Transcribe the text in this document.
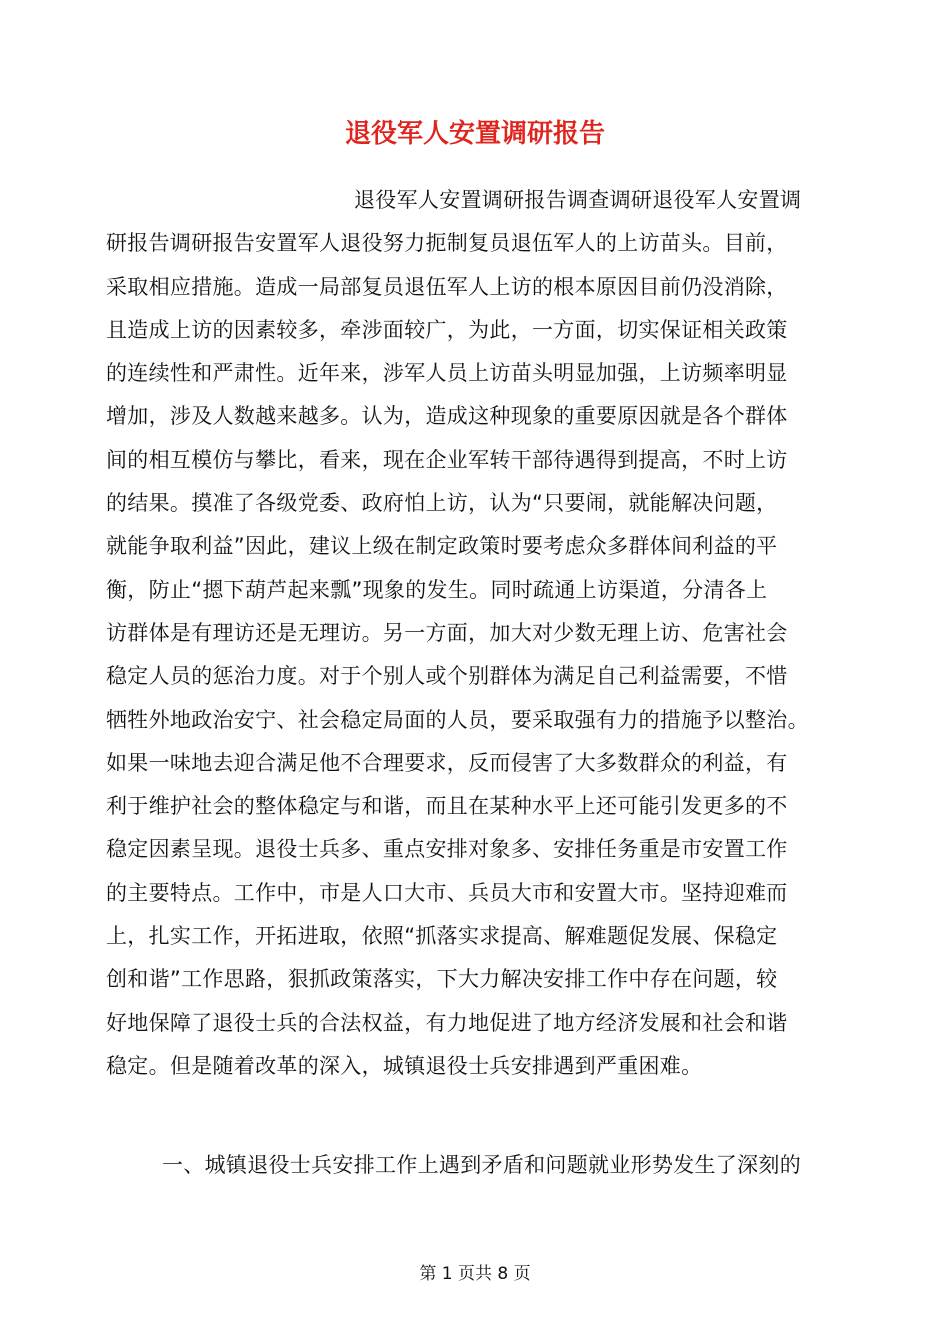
退役军人安置调研报告
退役军人安置调研报告调查调研退役军人安置调
研报告调研报告安置军人退役努力扼制复员退伍军人的上访苗头。目前，
采取相应措施。造成一局部复员退伍军人上访的根本原因目前仍没消除，
且造成上访的因素较多，牵涉面较广，为此，一方面，切实保证相关政策
的连续性和严肃性。近年来，涉军人员上访苗头明显加强，上访频率明显
增加，涉及人数越来越多。认为，造成这种现象的重要原因就是各个群体
间的相互模仿与攀比，看来，现在企业军转干部待遇得到提高，不时上访
的结果。摸准了各级党委、政府怕上访，认为“只要闹，就能解决问题，
就能争取利益”因此，建议上级在制定政策时要考虑众多群体间利益的平
衡，防止“摁下葫芦起来瓢”现象的发生。同时疏通上访渠道，分清各上
访群体是有理访还是无理访。另一方面，加大对少数无理上访、危害社会
稳定人员的惩治力度。对于个别人或个别群体为满足自己利益需要，不惜
牺牲外地政治安宁、社会稳定局面的人员，要采取强有力的措施予以整治。
如果一味地去迎合满足他不合理要求，反而侵害了大多数群众的利益，有
利于维护社会的整体稳定与和谐，而且在某种水平上还可能引发更多的不
稳定因素呈现。退役士兵多、重点安排对象多、安排任务重是市安置工作
的主要特点。工作中，市是人口大市、兵员大市和安置大市。坚持迎难而
上，扎实工作，开拓进取，依照“抓落实求提高、解难题促发展、保稳定
创和谐”工作思路，狠抓政策落实，下大力解决安排工作中存在问题，较
好地保障了退役士兵的合法权益，有力地促进了地方经济发展和社会和谐
稳定。但是随着改革的深入，城镇退役士兵安排遇到严重困难。
一、城镇退役士兵安排工作上遇到矛盾和问题就业形势发生了深刻的
第 1 页共 8 页
